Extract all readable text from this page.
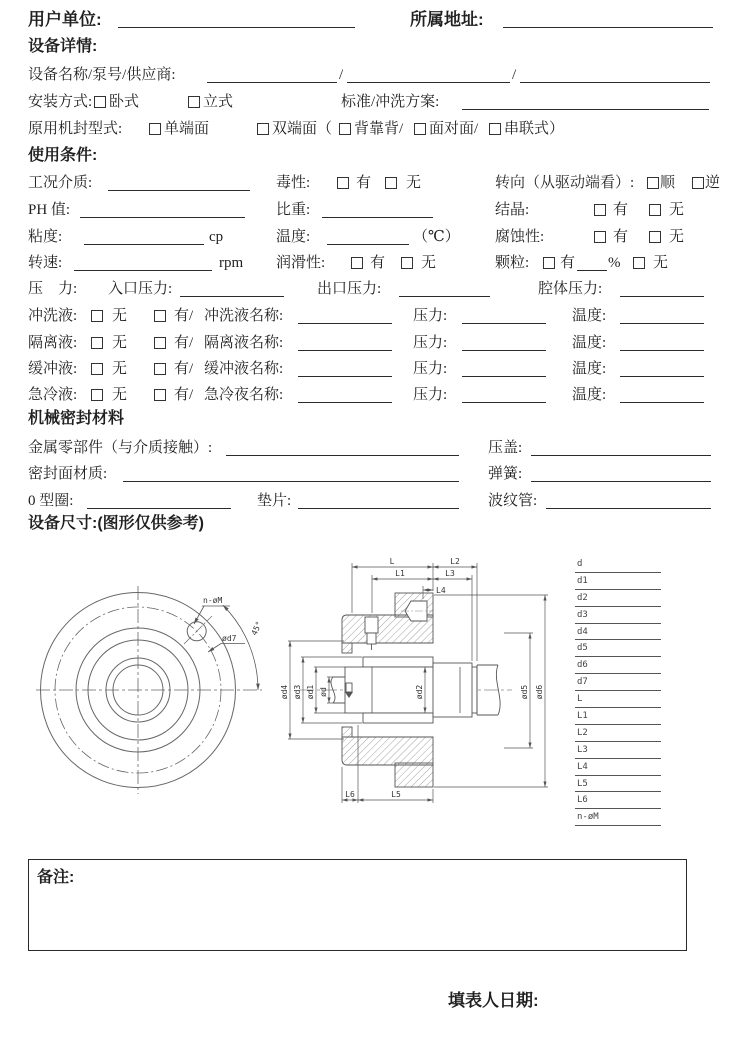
用户单位:	所属地址:
设备详情:
设备名称/泵号/供应商:	/	/
安装方式: 卧式	立式	标准/冲洗方案:
原用机封型式:	单端面	双端面（ 背靠背/ 面对面/ 串联式）
使用条件:
工况介质:	毒性:	有 无	转向（从驱动端看）: 顺 逆
PH 值:	比重:	结晶:	有	无
粘度:	cp	温度:	（℃） 腐蚀性:	有	无
转速:	rpm 润滑性:	有 无	颗粒: 有 % 无
压　力: 入口压力:	出口压力:	腔体压力:
冲洗液: 无	有/ 冲洗液名称:	压力:	温度:
隔离液: 无	有/ 隔离液名称:	压力:	温度:
缓冲液: 无	有/ 缓冲液名称:	压力:	温度:
急冷液: 无	有/ 急冷夜名称:	压力:	温度:
机械密封材料
金属零部件（与介质接触）:	压盖:
密封面材质:	弹簧:
0 型圈:	垫片:	波纹管:
设备尺寸:(图形仅供参考)
n-øM
ød7
45°
L	L2
L1	L3
L4
L6	L5
ød4 ød3 ød1 ød	ød2	ød5 ød6
d
d1
d2
d3
d4
d5
d6
d7
L
L1
L2
L3
L4
L5
L6
n-øM
备注:
填表人日期:
